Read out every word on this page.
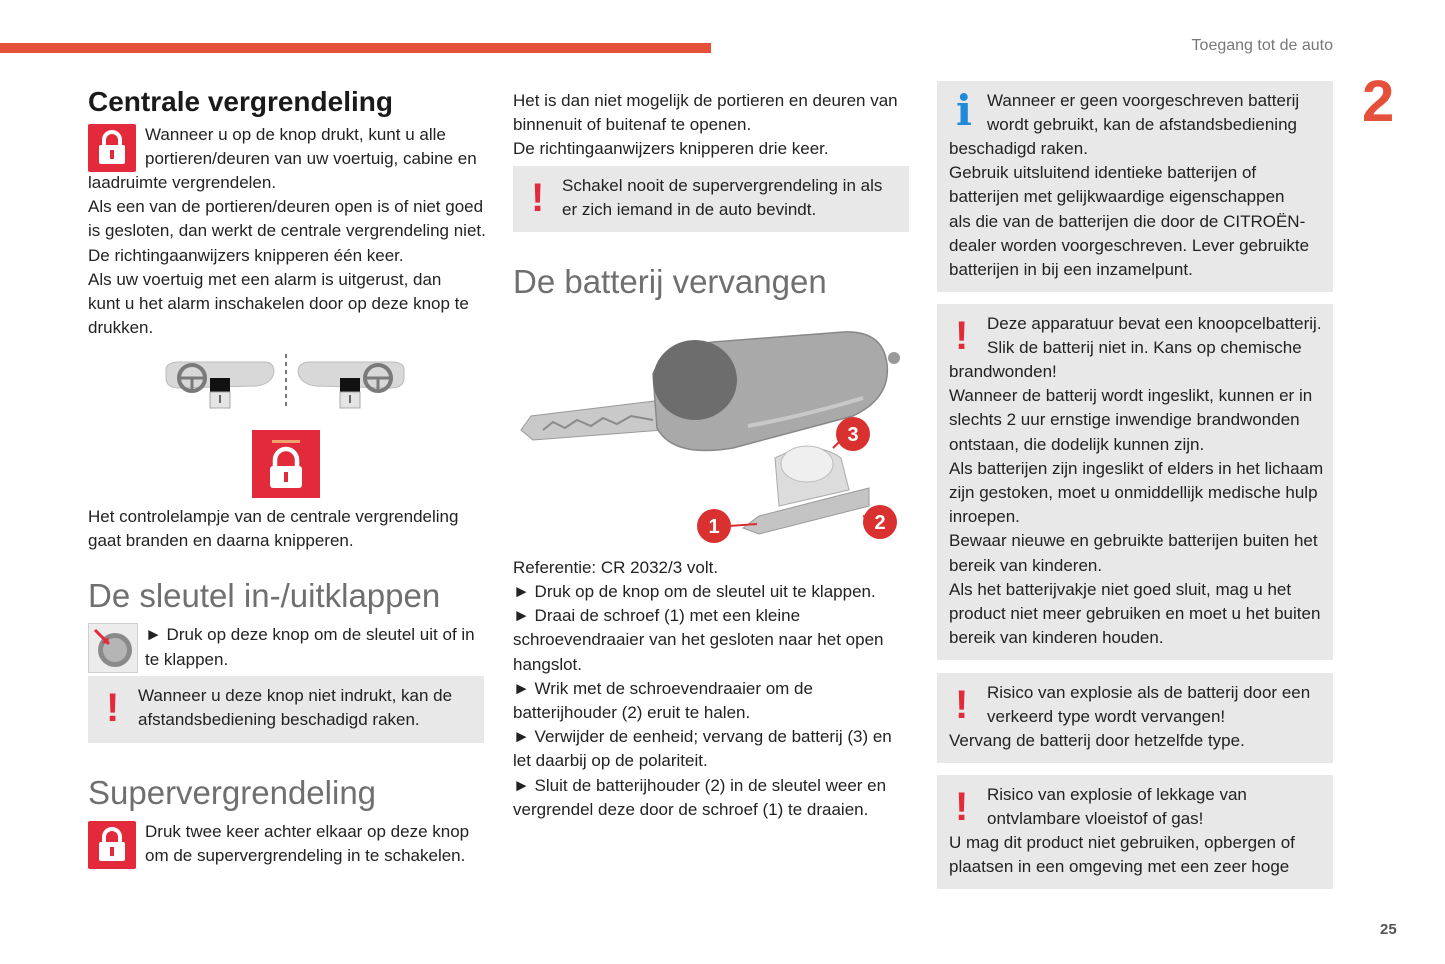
Toegang tot de auto
2
Centrale vergrendeling

Wanneer u op de knop drukt, kunt u alle

portieren/deuren van uw voertuig, cabine en

laadruimte vergrendelen.

Als een van de portieren/deuren open is of niet goed

is gesloten, dan werkt de centrale vergrendeling niet.

De richtingaanwijzers knipperen één keer.

Als uw voertuig met een alarm is uitgerust, dan

kunt u het alarm inschakelen door op deze knop te

drukken.

Het controlelampje van de centrale vergrendeling

gaat branden en daarna knipperen.

De sleutel in-/uitklappen

► Druk op deze knop om de sleutel uit of in

te klappen.

! Wanneer u deze knop niet indrukt, kan de

afstandsbediening beschadigd raken.

Supervergrendeling

Druk twee keer achter elkaar op deze knop

om de supervergrendeling in te schakelen.

Het is dan niet mogelijk de portieren en deuren van

binnenuit of buitenaf te openen.

De richtingaanwijzers knipperen drie keer.

! Schakel nooit de supervergrendeling in als

er zich iemand in de auto bevindt.

De batterij vervangen
1	2
3

Referentie: CR 2032/3 volt.

► Druk op de knop om de sleutel uit te klappen.

► Draai de schroef (1) met een kleine

schroevendraaier van het gesloten naar het open

hangslot.

► Wrik met de schroevendraaier om de

batterijhouder (2) eruit te halen.

► Verwijder de eenheid; vervang de batterij (3) en

let daarbij op de polariteit.

► Sluit de batterijhouder (2) in de sleutel weer en

vergrendel deze door de schroef (1) te draaien.

i Wanneer er geen voorgeschreven batterij

wordt gebruikt, kan de afstandsbediening

beschadigd raken.

Gebruik uitsluitend identieke batterijen of

batterijen met gelijkwaardige eigenschappen

als die van de batterijen die door de CITROËN-

dealer worden voorgeschreven. Lever gebruikte

batterijen in bij een inzamelpunt.

! Deze apparatuur bevat een knoopcelbatterij.

Slik de batterij niet in. Kans op chemische

brandwonden!

Wanneer de batterij wordt ingeslikt, kunnen er in

slechts 2 uur ernstige inwendige brandwonden

ontstaan, die dodelijk kunnen zijn.

Als batterijen zijn ingeslikt of elders in het lichaam

zijn gestoken, moet u onmiddellijk medische hulp

inroepen.

Bewaar nieuwe en gebruikte batterijen buiten het

bereik van kinderen.

Als het batterijvakje niet goed sluit, mag u het

product niet meer gebruiken en moet u het buiten

bereik van kinderen houden.

! Risico van explosie als de batterij door een

verkeerd type wordt vervangen!

Vervang de batterij door hetzelfde type.

! Risico van explosie of lekkage van

ontvlambare vloeistof of gas!

U mag dit product niet gebruiken, opbergen of

plaatsen in een omgeving met een zeer hoge

25
